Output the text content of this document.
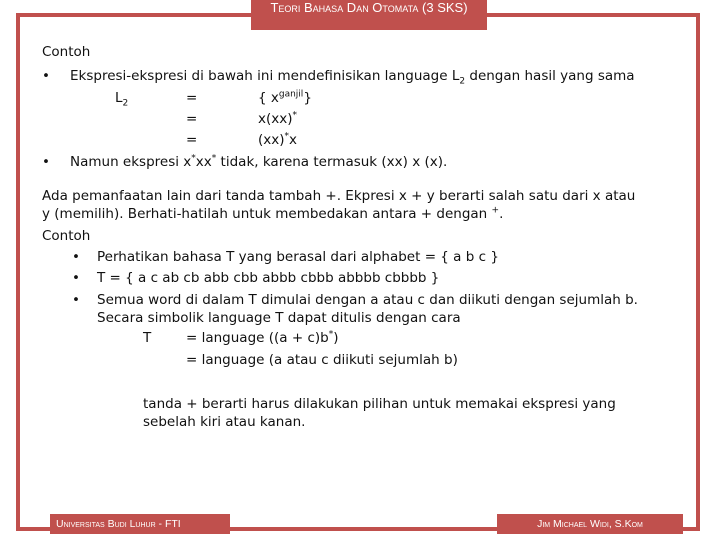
Teori Bahasa Dan Otomata (3 SKS)
Contoh
• Ekspresi-ekspresi di bawah ini mendefinisikan language $L_2$ dengan hasil yang sama
$L_2$	=	{ $x^{ganjil}$}
=	x(xx)*
=	(xx)*x
• Namun ekspresi x*xx* tidak, karena termasuk (xx) x (x).
Ada pemanfaatan lain dari tanda tambah +. Ekpresi x + y berarti salah satu dari x atau
y (memilih). Berhati-hatilah untuk membedakan antara + dengan +.
Contoh
• Perhatikan bahasa T yang berasal dari alphabet = { a b c }
• T = { a c ab cb abb cbb abbb cbbb abbbb cbbbb }
• Semua word di dalam T dimulai dengan a atau c dan diikuti dengan sejumlah b.
Secara simbolik language T dapat ditulis dengan cara
T	= language ((a + c)b*)
= language (a atau c diikuti sejumlah b)
tanda + berarti harus dilakukan pilihan untuk memakai ekspresi yang
sebelah kiri atau kanan.
Universitas Budi Luhur - FTI	Jim Michael Widi, S.Kom
